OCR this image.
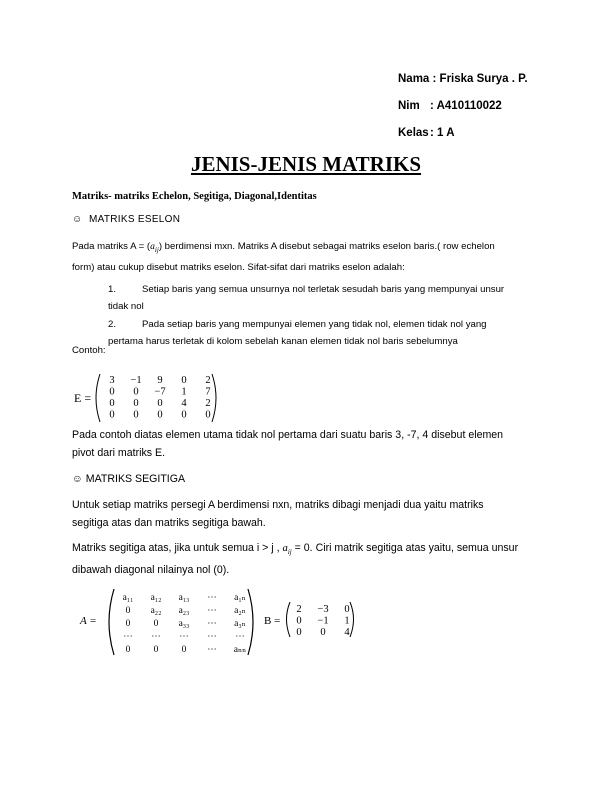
Nama : Friska Surya . P.
Nim : A410110022
Kelas: 1 A
JENIS-JENIS MATRIKS
Matriks- matriks Echelon, Segitiga, Diagonal,Identitas
☺ MATRIKS ESELON
Pada matriks $A = (a_{ij})$ berdimensi mxn. Matriks A disebut sebagai matriks eselon baris.( row echelon
form) atau cukup disebut matriks eselon. Sifat-sifat dari matriks eselon adalah:
1.	Setiap baris yang semua unsurnya nol terletak sesudah baris yang mempunyai unsur
tidak nol
2.	Pada setiap baris yang mempunyai elemen yang tidak nol, elemen tidak nol yang
pertama harus terletak di kolom sebelah kanan elemen tidak nol baris sebelumnya
Contoh:
E =
3 −1 9 0 2
0 0 −7 1 7
0 0 0 4 2
0 0 0 0 0
Pada contoh diatas elemen utama tidak nol pertama dari suatu baris 3, -7, 4 disebut elemen
pivot dari matriks E.
☺ MATRIKS SEGITIGA
Untuk setiap matriks persegi A berdimensi nxn, matriks dibagi menjadi dua yaitu matriks
segitiga atas dan matriks segitiga bawah.
Matriks segitiga atas, jika untuk semua i > j , $a_{ij} = 0$. Ciri matrik segitiga atas yaitu, semua unsur
dibawah diagonal nilainya nol (0).
A =
a₁₁ a₁₂ a₁₃ ⋯ a₁ₙ
0 a₂₂ a₂₃ ⋯ a₂ₙ
0 0 a₃₃ ⋯ a₃ₙ
⋯ ⋯ ⋯ ⋯ ⋯
0 0 0 ⋯ aₙₙ
B =
2 −3 0
0 −1 1
0 0 4
